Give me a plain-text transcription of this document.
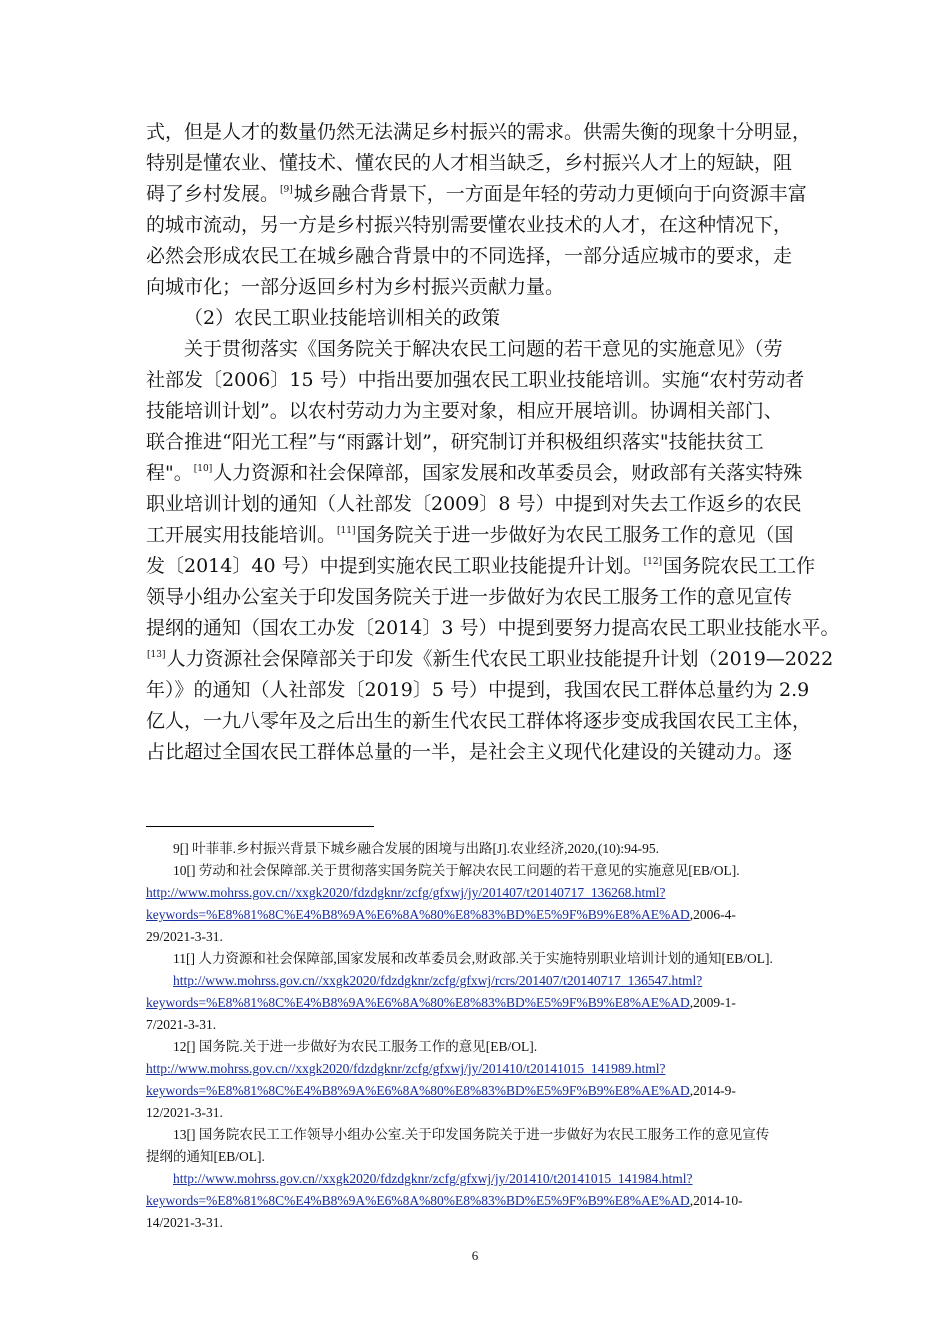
式，但是人才的数量仍然无法满足乡村振兴的需求。供需失衡的现象十分明显，
特别是懂农业、懂技术、懂农民的人才相当缺乏，乡村振兴人才上的短缺，阻
碍了乡村发展。[9]城乡融合背景下，一方面是年轻的劳动力更倾向于向资源丰富
的城市流动，另一方是乡村振兴特别需要懂农业技术的人才，在这种情况下，
必然会形成农民工在城乡融合背景中的不同选择，一部分适应城市的要求，走
向城市化；一部分返回乡村为乡村振兴贡献力量。
（2）农民工职业技能培训相关的政策
关于贯彻落实《国务院关于解决农民工问题的若干意见的实施意见》（劳
社部发〔2006〕15 号）中指出要加强农民工职业技能培训。实施“农村劳动者
技能培训计划”。以农村劳动力为主要对象，相应开展培训。协调相关部门、
联合推进“阳光工程”与“雨露计划”，研究制订并积极组织落实"技能扶贫工
程"。[10]人力资源和社会保障部，国家发展和改革委员会，财政部有关落实特殊
职业培训计划的通知（人社部发〔2009〕8 号）中提到对失去工作返乡的农民
工开展实用技能培训。[11]国务院关于进一步做好为农民工服务工作的意见（国
发〔2014〕40 号）中提到实施农民工职业技能提升计划。[12]国务院农民工工作
领导小组办公室关于印发国务院关于进一步做好为农民工服务工作的意见宣传
提纲的通知（国农工办发〔2014〕3 号）中提到要努力提高农民工职业技能水平。
[13]人力资源社会保障部关于印发《新生代农民工职业技能提升计划（2019—2022
年）》的通知（人社部发〔2019〕5 号）中提到，我国农民工群体总量约为 2.9
亿人，一九八零年及之后出生的新生代农民工群体将逐步变成我国农民工主体，
占比超过全国农民工群体总量的一半，是社会主义现代化建设的关键动力。逐
9[] 叶菲菲.乡村振兴背景下城乡融合发展的困境与出路[J].农业经济,2020,(10):94-95.
10[] 劳动和社会保障部.关于贯彻落实国务院关于解决农民工问题的若干意见的实施意见[EB/OL].
http://www.mohrss.gov.cn//xxgk2020/fdzdgknr/zcfg/gfxwj/jy/201407/t20140717_136268.html?
keywords=%E8%81%8C%E4%B8%9A%E6%8A%80%E8%83%BD%E5%9F%B9%E8%AE%AD,2006-4-
29/2021-3-31.
11[] 人力资源和社会保障部,国家发展和改革委员会,财政部.关于实施特别职业培训计划的通知[EB/OL].
http://www.mohrss.gov.cn//xxgk2020/fdzdgknr/zcfg/gfxwj/rcrs/201407/t20140717_136547.html?
keywords=%E8%81%8C%E4%B8%9A%E6%8A%80%E8%83%BD%E5%9F%B9%E8%AE%AD,2009-1-
7/2021-3-31.
12[] 国务院.关于进一步做好为农民工服务工作的意见[EB/OL].
http://www.mohrss.gov.cn//xxgk2020/fdzdgknr/zcfg/gfxwj/jy/201410/t20141015_141989.html?
keywords=%E8%81%8C%E4%B8%9A%E6%8A%80%E8%83%BD%E5%9F%B9%E8%AE%AD,2014-9-
12/2021-3-31.
13[] 国务院农民工工作领导小组办公室.关于印发国务院关于进一步做好为农民工服务工作的意见宣传
提纲的通知[EB/OL].
http://www.mohrss.gov.cn//xxgk2020/fdzdgknr/zcfg/gfxwj/jy/201410/t20141015_141984.html?
keywords=%E8%81%8C%E4%B8%9A%E6%8A%80%E8%83%BD%E5%9F%B9%E8%AE%AD,2014-10-
14/2021-3-31.
6
